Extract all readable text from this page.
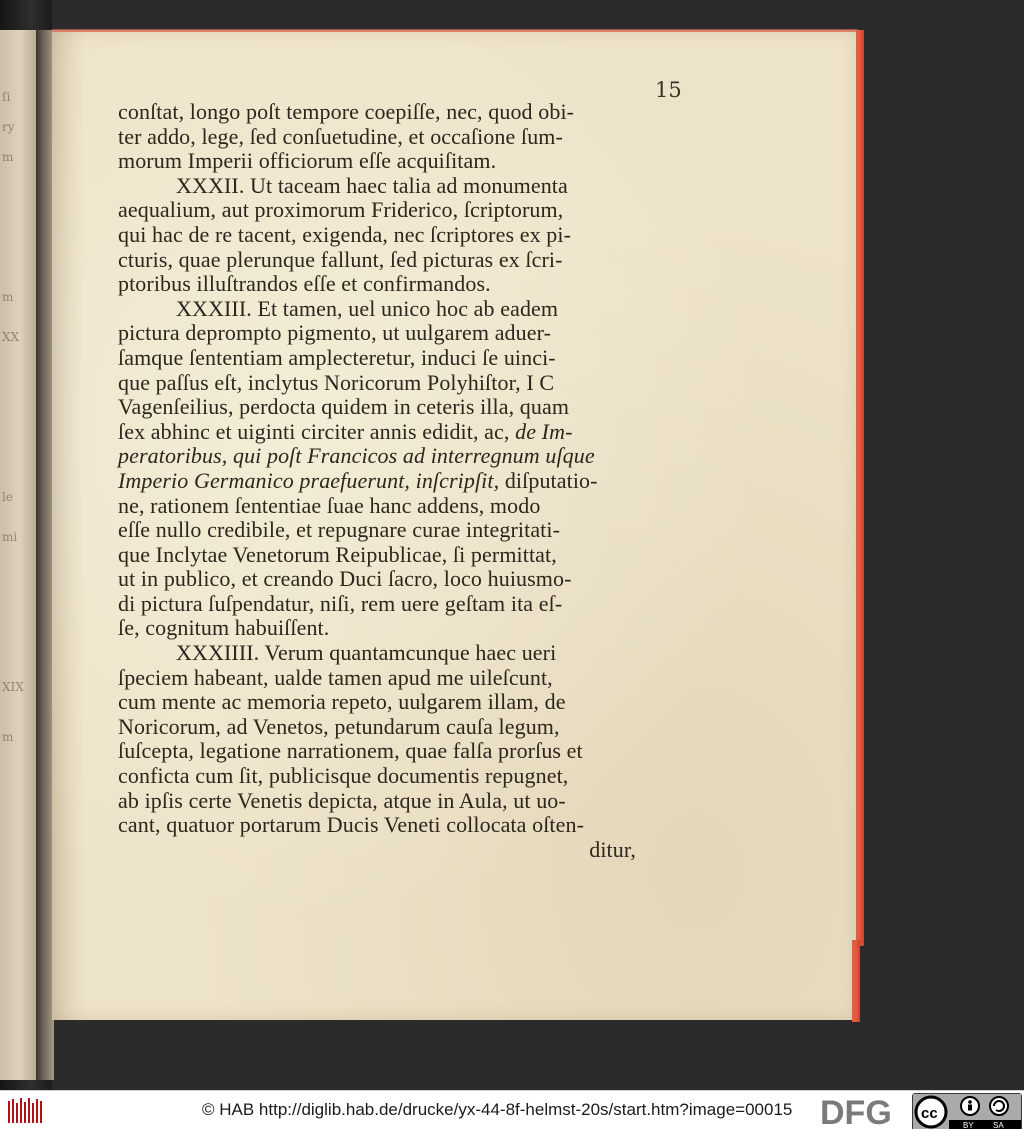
ſi
ry
m
m
XX
le
mi
XIX
m
15
conſtat, longo poſt tempore coepiſſe, nec, quod obi-
ter addo, lege, ſed conſuetudine, et occaſione ſum-
morum Imperii officiorum eſſe acquiſitam.
XXXII. Ut taceam haec talia ad monumenta
aequalium, aut proximorum Friderico, ſcriptorum,
qui hac de re tacent, exigenda, nec ſcriptores ex pi-
cturis, quae plerunque fallunt, ſed picturas ex ſcri-
ptoribus illuſtrandos eſſe et confirmandos.
XXXIII. Et tamen, uel unico hoc ab eadem
pictura deprompto pigmento, ut uulgarem aduer-
ſamque ſententiam amplecteretur, induci ſe uinci-
que paſſus eſt, inclytus Noricorum Polyhiſtor, I C
Vagenſeilius, perdocta quidem in ceteris illa, quam
ſex abhinc et uiginti circiter annis edidit, ac, de Im-
peratoribus, qui poſt Francicos ad interregnum uſque
Imperio Germanico praefuerunt, inſcripſit, diſputatio-
ne, rationem ſententiae ſuae hanc addens, modo
eſſe nullo credibile, et repugnare curae integritati-
que Inclytae Venetorum Reipublicae, ſi permittat,
ut in publico, et creando Duci ſacro, loco huiusmo-
di pictura ſuſpendatur, niſi, rem uere geſtam ita eſ-
ſe, cognitum habuiſſent.
XXXIIII. Verum quantamcunque haec ueri
ſpeciem habeant, ualde tamen apud me uileſcunt,
cum mente ac memoria repeto, uulgarem illam, de
Noricorum, ad Venetos, petundarum cauſa legum,
ſuſcepta, legatione narrationem, quae falſa prorſus et
conficta cum ſit, publicisque documentis repugnet,
ab ipſis certe Venetis depicta, atque in Aula, ut uo-
cant, quatuor portarum Ducis Veneti collocata oſten-
ditur,
© HAB http://diglib.hab.de/drucke/yx-44-8f-helmst-20s/start.htm?image=00015 DFG cc
BY SA
